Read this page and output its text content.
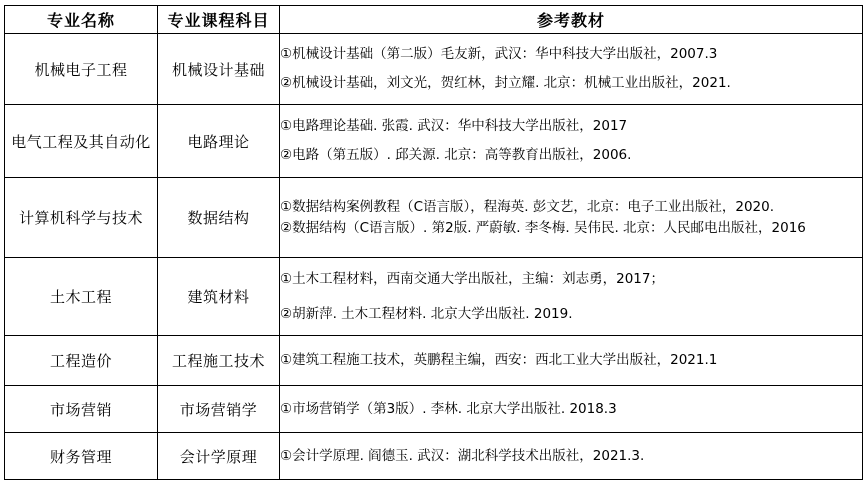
专业名称	专业课程科目	参考教材
机械电子工程	机械设计基础	①机械设计基础（第二版）毛友新，武汉：华中科技大学出版社，2007.3
②机械设计基础，刘文光，贺红林，封立耀. 北京：机械工业出版社，2021.

电气工程及其自动化	电路理论	①电路理论基础. 张霞. 武汉：华中科技大学出版社，2017
②电路（第五版）. 邱关源. 北京：高等教育出版社，2006.

计算机科学与技术	数据结构	①数据结构案例教程（C语言版），程海英. 彭文艺，北京：电子工业出版社，2020.
②数据结构（C语言版）. 第2版. 严蔚敏. 李冬梅. 吴伟民. 北京：人民邮电出版社，2016

土木工程	建筑材料	①土木工程材料，西南交通大学出版社，主编：刘志勇，2017；
②胡新萍. 土木工程材料. 北京大学出版社. 2019.

工程造价	工程施工技术	①建筑工程施工技术，英鹏程主编，西安：西北工业大学出版社，2021.1

市场营销	市场营销学	①市场营销学（第3版）. 李林. 北京大学出版社. 2018.3

财务管理	会计学原理	①会计学原理. 阎德玉. 武汉：湖北科学技术出版社，2021.3.
